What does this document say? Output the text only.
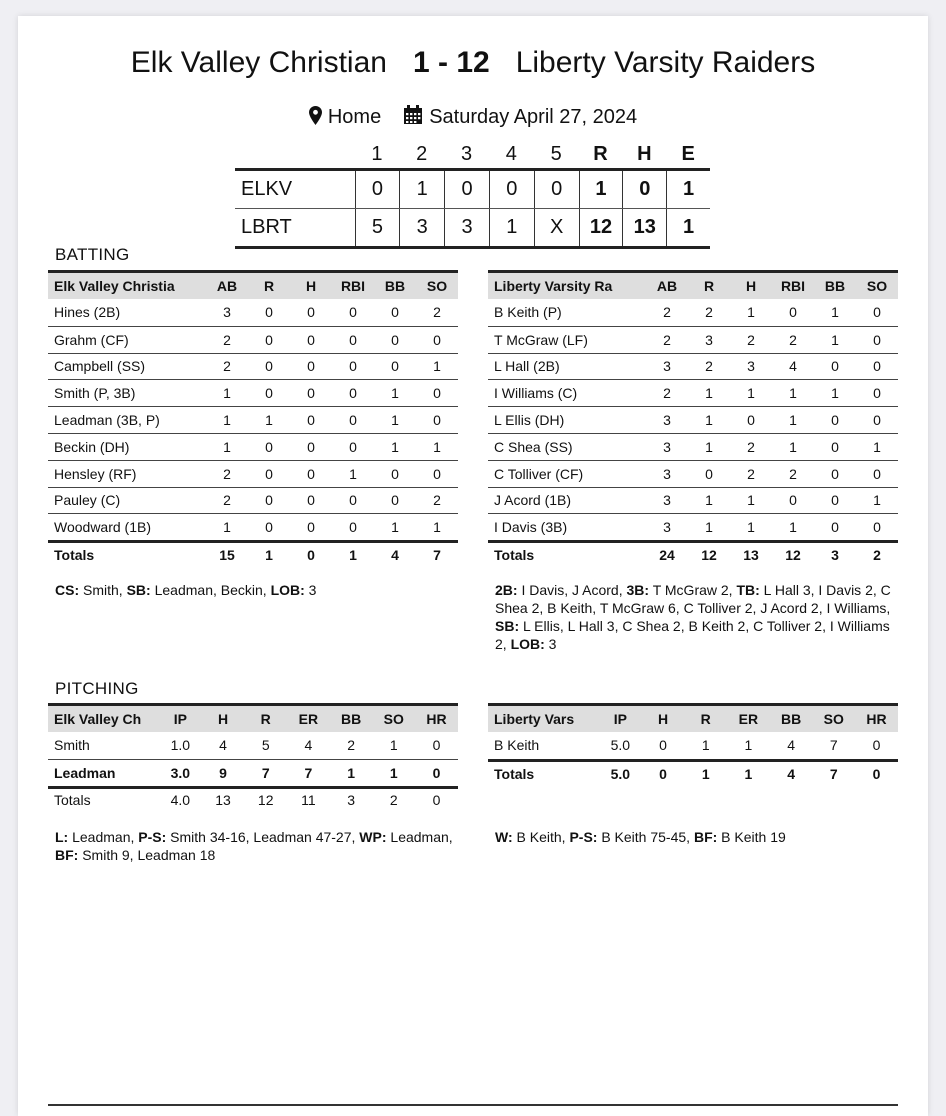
Elk Valley Christian 1 - 12 Liberty Varsity Raiders
Home Saturday April 27, 2024
1	2	3	4	5	R	H	E
ELKV	0	1	0	0	0	1	0	1
LBRT	5	3	3	1	X	12	13	1
BATTING
Elk Valley Christia	AB	R	H	RBI	BB	SO
Hines (2B)	3	0	0	0	0	2
Grahm (CF)	2	0	0	0	0	0
Campbell (SS)	2	0	0	0	0	1
Smith (P, 3B)	1	0	0	0	1	0
Leadman (3B, P)	1	1	0	0	1	0
Beckin (DH)	1	0	0	0	1	1
Hensley (RF)	2	0	0	1	0	0
Pauley (C)	2	0	0	0	0	2
Woodward (1B)	1	0	0	0	1	1
Totals	15	1	0	1	4	7
Liberty Varsity Ra	AB	R	H	RBI	BB	SO
B Keith (P)	2	2	1	0	1	0
T McGraw (LF)	2	3	2	2	1	0
L Hall (2B)	3	2	3	4	0	0
I Williams (C)	2	1	1	1	1	0
L Ellis (DH)	3	1	0	1	0	0
C Shea (SS)	3	1	2	1	0	1
C Tolliver (CF)	3	0	2	2	0	0
J Acord (1B)	3	1	1	0	0	1
I Davis (3B)	3	1	1	1	0	0
Totals	24	12	13	12	3	2
CS: Smith, SB: Leadman, Beckin, LOB: 3	2B: I Davis, J Acord, 3B: T McGraw 2, TB: L Hall 3, I Davis 2, C Shea 2, B Keith, T McGraw 6, C Tolliver 2, J Acord 2, I Williams, SB: L Ellis, L Hall 3, C Shea 2, B Keith 2, C Tolliver 2, I Williams 2, LOB: 3
PITCHING
Elk Valley Ch	IP	H	R	ER	BB	SO	HR
Smith	1.0	4	5	4	2	1	0
Leadman	3.0	9	7	7	1	1	0
Totals	4.0	13	12	11	3	2	0
Liberty Vars	IP	H	R	ER	BB	SO	HR
B Keith	5.0	0	1	1	4	7	0
Totals	5.0	0	1	1	4	7	0
L: Leadman, P-S: Smith 34-16, Leadman 47-27, WP: Leadman, BF: Smith 9, Leadman 18
W: B Keith, P-S: B Keith 75-45, BF: B Keith 19
